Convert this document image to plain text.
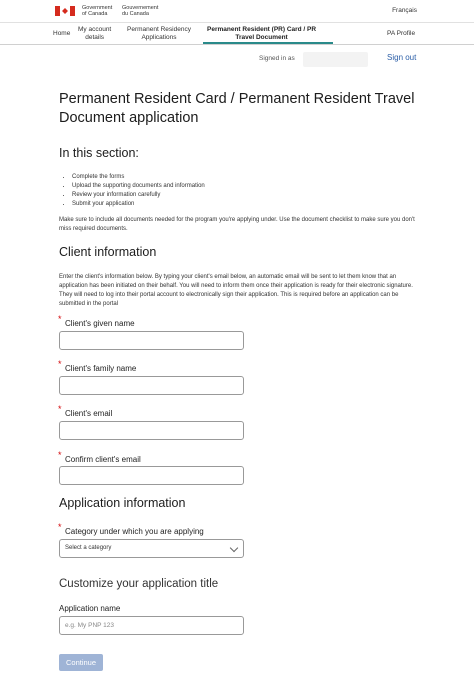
Government
of Canada
Gouvernement
du Canada	Français
Home
My account
details
Permanent Residency
Applications
Permanent Resident (PR) Card / PR
Travel Document
PA Profile
Signed in as	Sign out
Permanent Resident Card / Permanent Resident Travel Document application
In this section:
• Complete the forms
• Upload the supporting documents and information
• Review your information carefully
• Submit your application
Make sure to include all documents needed for the program you're applying under. Use the document checklist to make sure you don't miss required documents.
Client information
Enter the client's information below. By typing your client's email below, an automatic email will be sent to let them know that an application has been initiated on their behalf. You will need to inform them once their application is ready for their electronic signature. They will need to log into their portal account to electronically sign their application. This is required before an application can be submitted in the portal
* Client's given name
* Client's family name
* Client's email
* Confirm client's email
Application information
* Category under which you are applying
Select a category
Customize your application title
Application name
e.g. My PNP 123
Continue
